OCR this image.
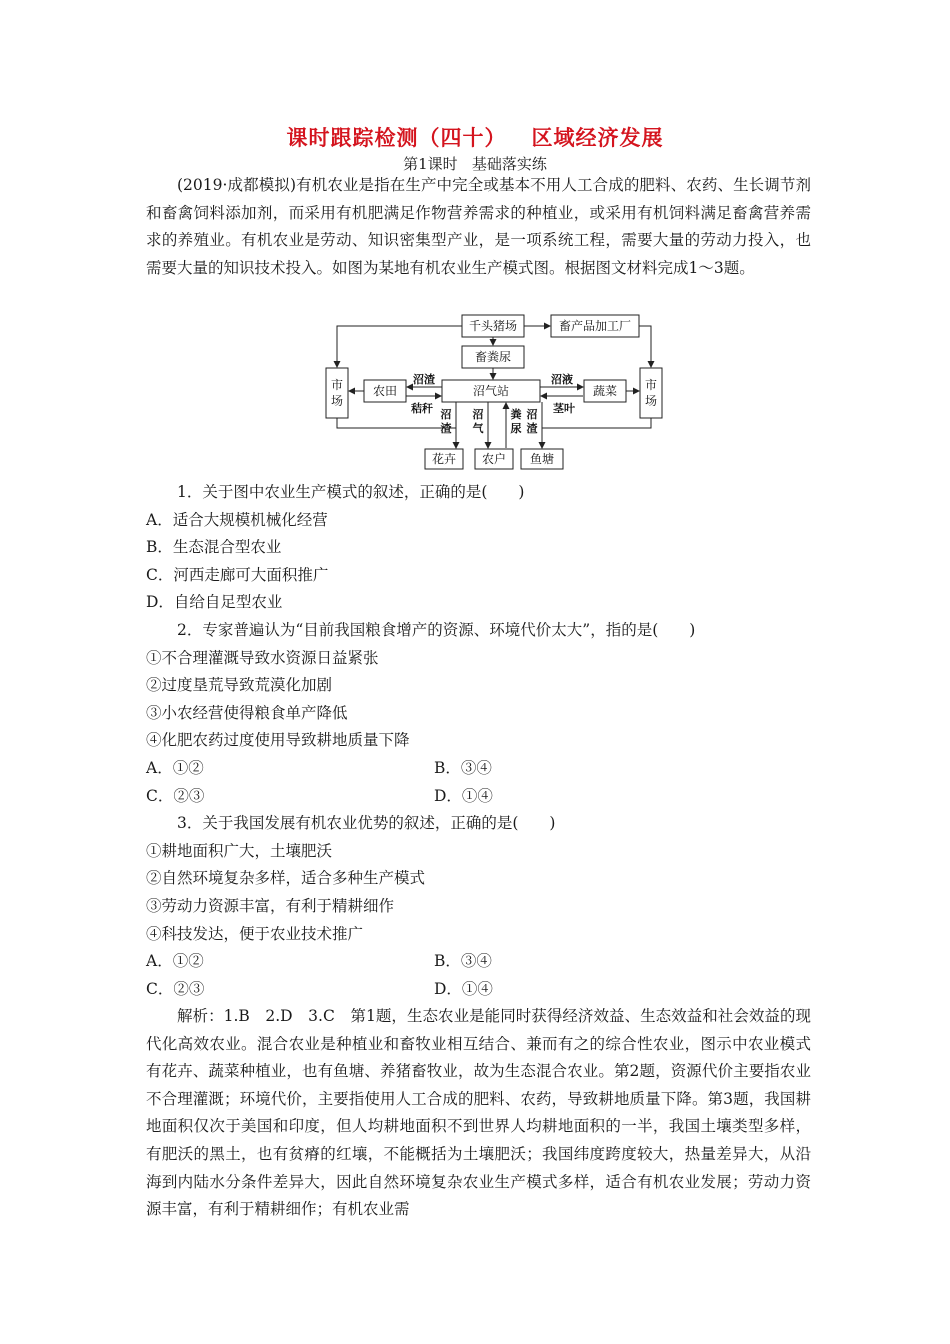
课时跟踪检测（四十）   区域经济发展
第1课时   基础落实练

(2019·成都模拟)有机农业是指在生产中完全或基本不用人工合成的肥料、农药、生长调节剂和畜禽饲料添加剂，而采用有机肥满足作物营养需求的种植业，或采用有机饲料满足畜禽营养需求的养殖业。有机农业是劳动、知识密集型产业，是一项系统工程，需要大量的劳动力投入，也需要大量的知识技术投入。如图为某地有机农业生产模式图。根据图文材料完成1～3题。

千头猪场	畜产品加工厂
畜粪尿
沼气站
农田	蔬菜
市
场
市
场
花卉 农户 鱼塘
沼渣
秸秆
沼液
茎叶
沼
渣
沼
气
粪
尿
沼
渣
1．关于图中农业生产模式的叙述，正确的是(　　)
A．适合大规模机械化经营
B．生态混合型农业
C．河西走廊可大面积推广
D．自给自足型农业
2．专家普遍认为“目前我国粮食增产的资源、环境代价太大”，指的是(　　)
①不合理灌溉导致水资源日益紧张
②过度垦荒导致荒漠化加剧
③小农经营使得粮食单产降低
④化肥农药过度使用导致耕地质量下降
A．①②	B．③④
C．②③	D．①④
3．关于我国发展有机农业优势的叙述，正确的是(　　)
①耕地面积广大，土壤肥沃
②自然环境复杂多样，适合多种生产模式
③劳动力资源丰富，有利于精耕细作
④科技发达，便于农业技术推广
A．①②	B．③④
C．②③	D．①④

解析：1.B　2.D　3.C　第1题，生态农业是能同时获得经济效益、生态效益和社会效益的现代化高效农业。混合农业是种植业和畜牧业相互结合、兼而有之的综合性农业，图示中农业模式有花卉、蔬菜种植业，也有鱼塘、养猪畜牧业，故为生态混合农业。第2题，资源代价主要指农业不合理灌溉；环境代价，主要指使用人工合成的肥料、农药，导致耕地质量下降。第3题，我国耕地面积仅次于美国和印度，但人均耕地面积不到世界人均耕地面积的一半，我国土壤类型多样，有肥沃的黑土，也有贫瘠的红壤，不能概括为土壤肥沃；我国纬度跨度较大，热量差异大，从沿海到内陆水分条件差异大，因此自然环境复杂农业生产模式多样，适合有机农业发展；劳动力资源丰富，有利于精耕细作；有机农业需
